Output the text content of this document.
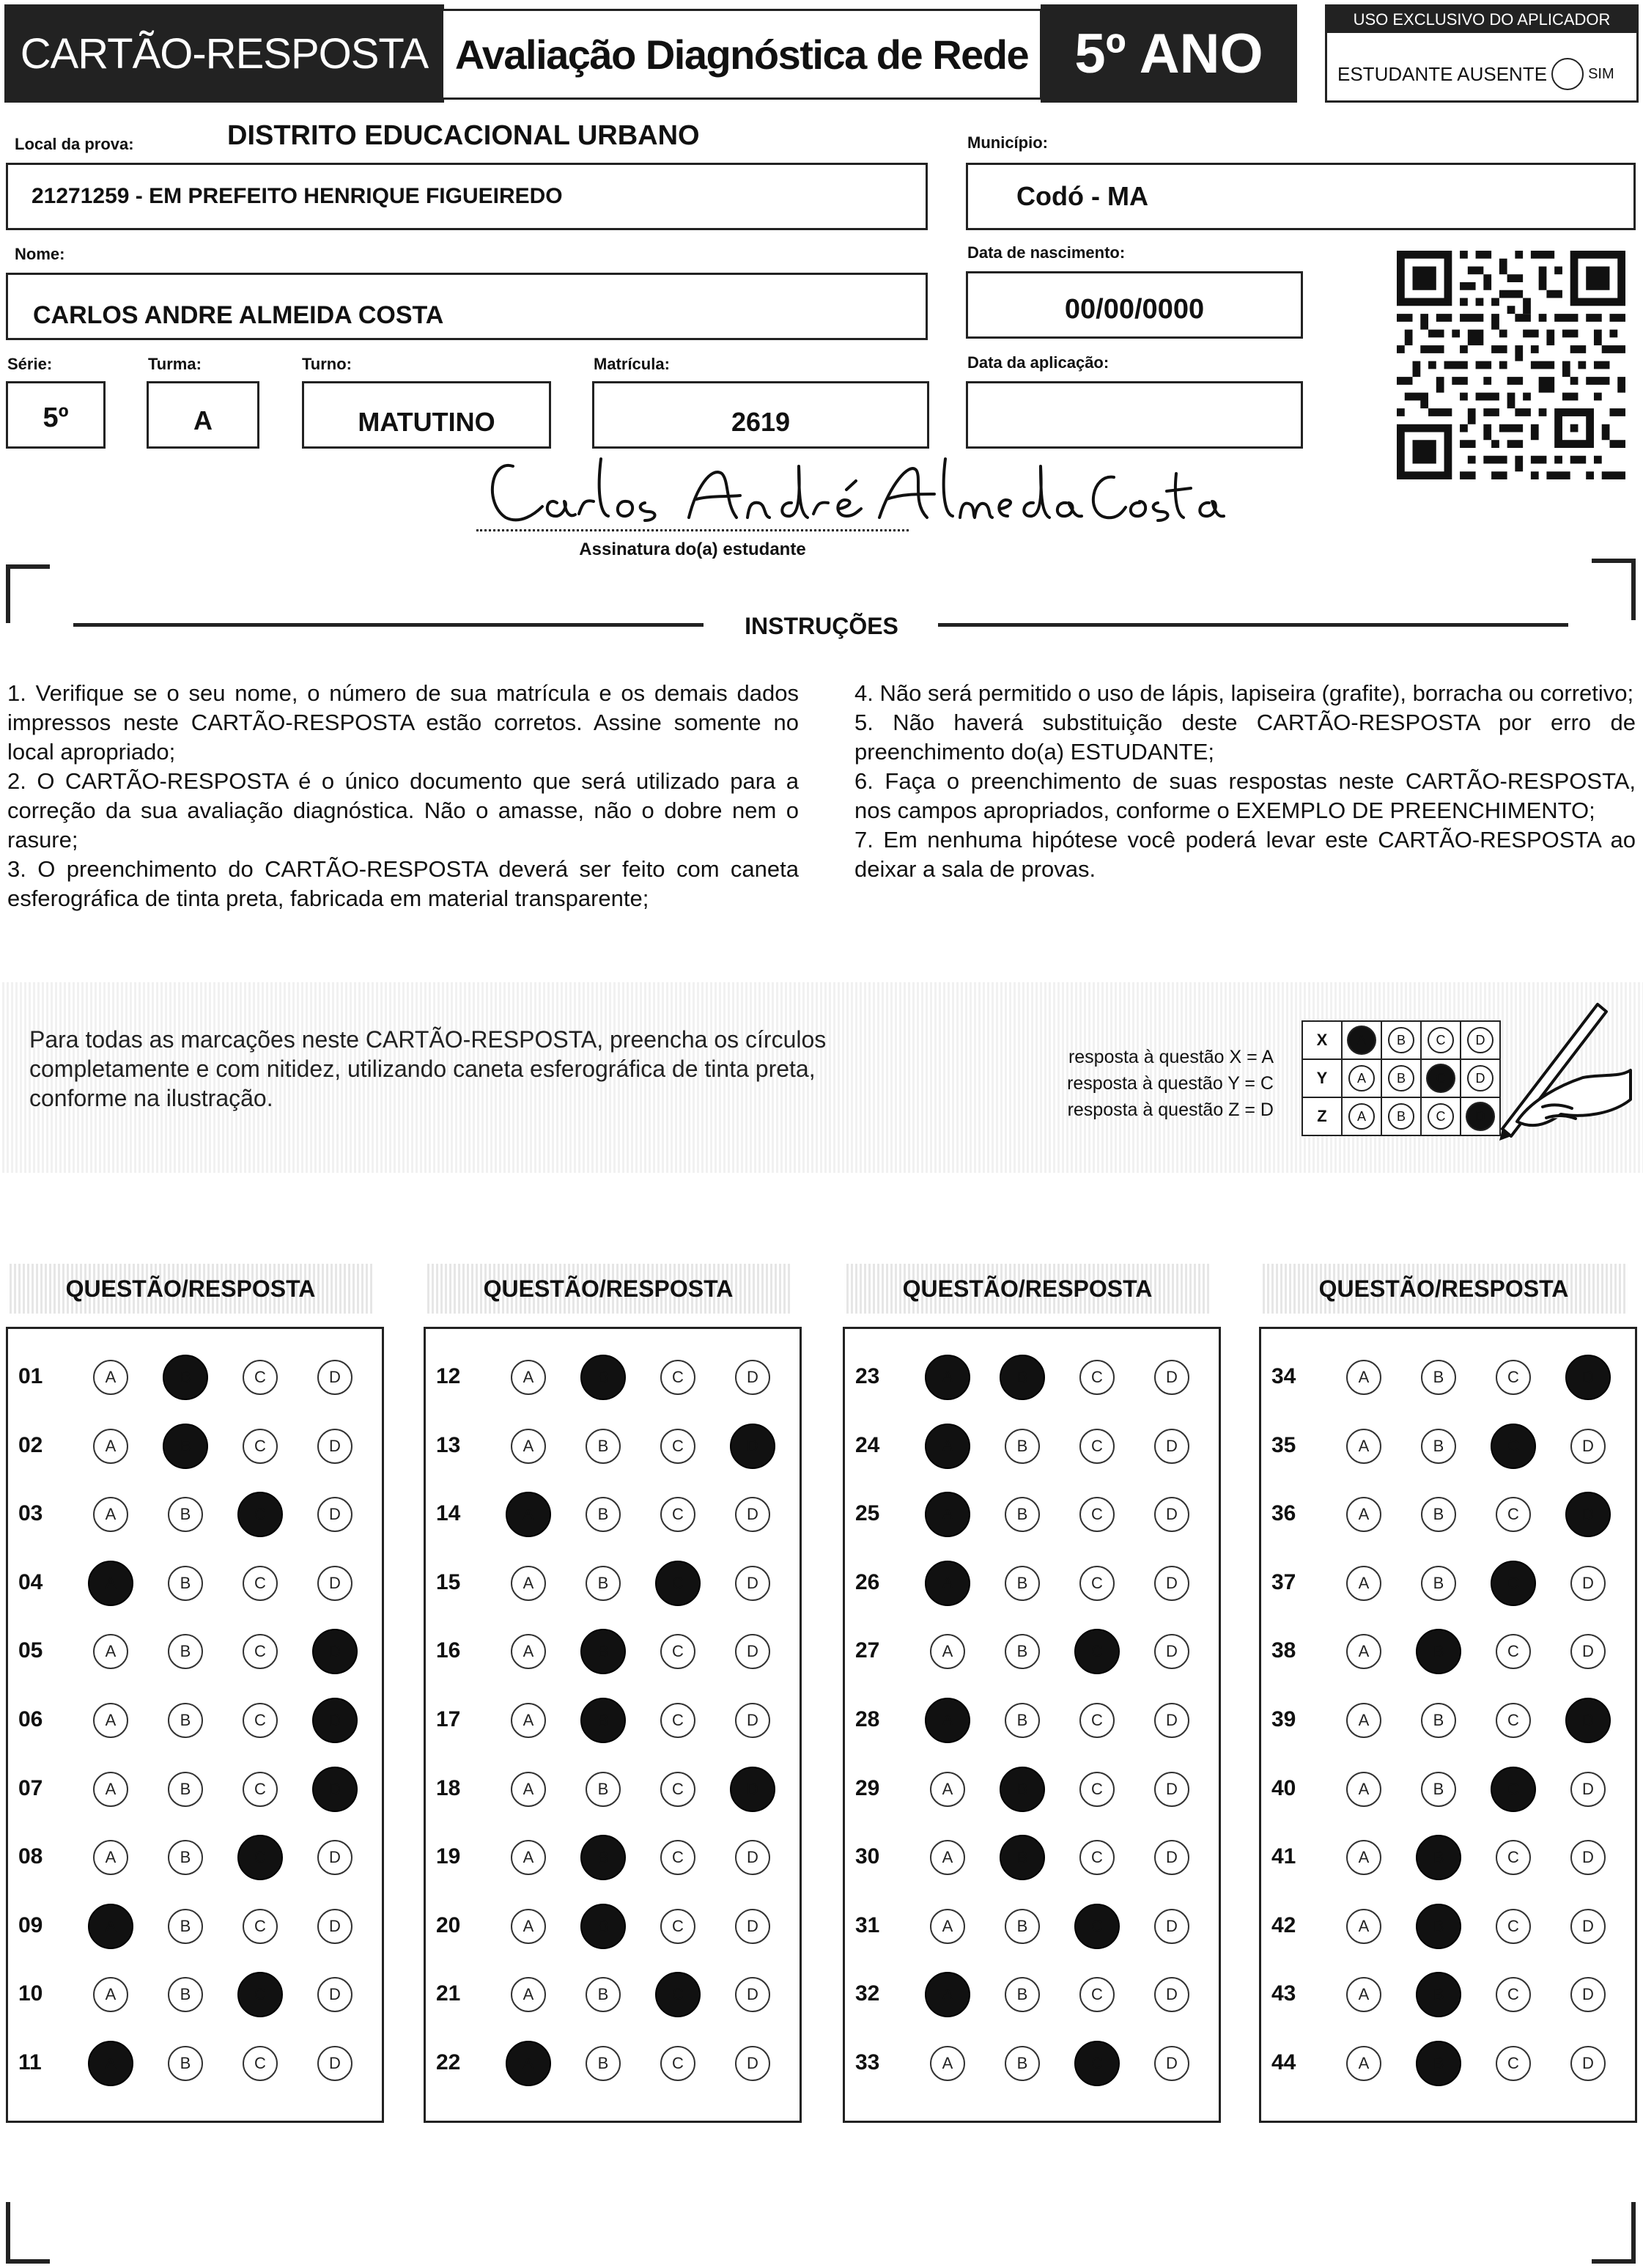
CARTÃO-RESPOSTA Avaliação Diagnóstica de Rede 5º ANO
USO EXCLUSIVO DO APLICADOR
ESTUDANTE AUSENTE	SIM
Local da prova:	DISTRITO EDUCACIONAL URBANO
21271259 - EM PREFEITO HENRIQUE FIGUEIREDO
Município:
Codó - MA
Nome:
CARLOS ANDRE ALMEIDA COSTA
Data de nascimento:
00/00/0000
Série:
5º
Turma:
A
Turno:
MATUTINO
Matrícula:
2619
Data da aplicação:
Assinatura do(a) estudante
INSTRUÇÕES
1. Verifique se o seu nome, o número de sua matrícula e os demais dados impressos neste CARTÃO-RESPOSTA estão corretos. Assine somente no local apropriado;
2. O CARTÃO-RESPOSTA é o único documento que será utilizado para a correção da sua avaliação diagnóstica. Não o amasse, não o dobre nem o rasure;
3. O preenchimento do CARTÃO-RESPOSTA deverá ser feito com caneta esferográfica de tinta preta, fabricada em material transparente;
4. Não será permitido o uso de lápis, lapiseira (grafite), borracha ou corretivo;
5. Não haverá substituição deste CARTÃO-RESPOSTA por erro de preenchimento do(a) ESTUDANTE;
6. Faça o preenchimento de suas respostas neste CARTÃO-RESPOSTA, nos campos apropriados, conforme o EXEMPLO DE PREENCHIMENTO;
7. Em nenhuma hipótese você poderá levar este CARTÃO-RESPOSTA ao deixar a sala de provas.
Para todas as marcações neste CARTÃO-RESPOSTA, preencha os círculos completamente e com nitidez, utilizando caneta esferográfica de tinta preta, conforme na ilustração.
resposta à questão X = A
resposta à questão Y = C
resposta à questão Z = D
X	A	B	C	D

Y	A	B	C	D

Z	A	B	C	D
QUESTÃO/RESPOSTA
01	A	B	C	D
02	A	B	C	D
03	A	B	C	D
04	A	B	C	D
05	A	B	C	D
06	A	B	C	D
07	A	B	C	D
08	A	B	C	D
09	A	B	C	D
10	A	B	C	D
11	A	B	C	D
QUESTÃO/RESPOSTA
12	A	B	C	D
13	A	B	C	D
14	A	B	C	D
15	A	B	C	D
16	A	B	C	D
17	A	B	C	D
18	A	B	C	D
19	A	B	C	D
20	A	B	C	D
21	A	B	C	D
22	A	B	C	D
QUESTÃO/RESPOSTA
23	A	B	C	D
24	A	B	C	D
25	A	B	C	D
26	A	B	C	D
27	A	B	C	D
28	A	B	C	D
29	A	B	C	D
30	A	B	C	D
31	A	B	C	D
32	A	B	C	D
33	A	B	C	D
QUESTÃO/RESPOSTA
34	A	B	C	D
35	A	B	C	D
36	A	B	C	D
37	A	B	C	D
38	A	B	C	D
39	A	B	C	D
40	A	B	C	D
41	A	B	C	D
42	A	B	C	D
43	A	B	C	D
44	A	B	C	D
